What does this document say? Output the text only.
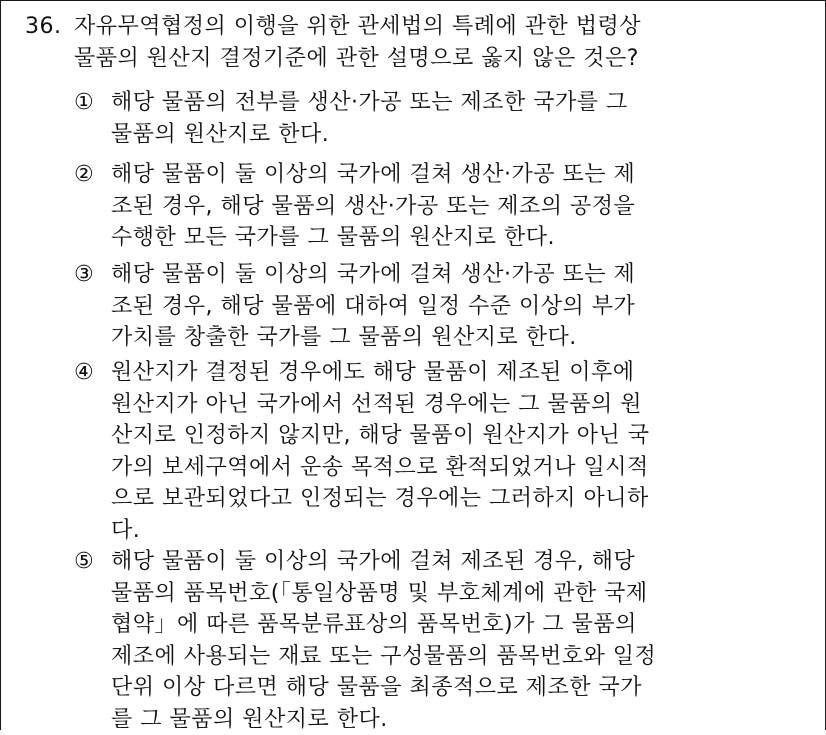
36. 자유무역협정의 이행을 위한 관세법의 특례에 관한 법령상
물품의 원산지 결정기준에 관한 설명으로 옳지 않은 것은?

① 해당 물품의 전부를 생산·가공 또는 제조한 국가를 그
물품의 원산지로 한다.

② 해당 물품이 둘 이상의 국가에 걸쳐 생산·가공 또는 제
조된 경우, 해당 물품의 생산·가공 또는 제조의 공정을
수행한 모든 국가를 그 물품의 원산지로 한다.

③ 해당 물품이 둘 이상의 국가에 걸쳐 생산·가공 또는 제
조된 경우, 해당 물품에 대하여 일정 수준 이상의 부가
가치를 창출한 국가를 그 물품의 원산지로 한다.

④ 원산지가 결정된 경우에도 해당 물품이 제조된 이후에
원산지가 아닌 국가에서 선적된 경우에는 그 물품의 원
산지로 인정하지 않지만, 해당 물품이 원산지가 아닌 국
가의 보세구역에서 운송 목적으로 환적되었거나 일시적
으로 보관되었다고 인정되는 경우에는 그러하지 아니하
다.

⑤ 해당 물품이 둘 이상의 국가에 걸쳐 제조된 경우, 해당
물품의 품목번호(「통일상품명 및 부호체계에 관한 국제
협약」에 따른 품목분류표상의 품목번호)가 그 물품의
제조에 사용되는 재료 또는 구성물품의 품목번호와 일정
단위 이상 다르면 해당 물품을 최종적으로 제조한 국가
를 그 물품의 원산지로 한다.
